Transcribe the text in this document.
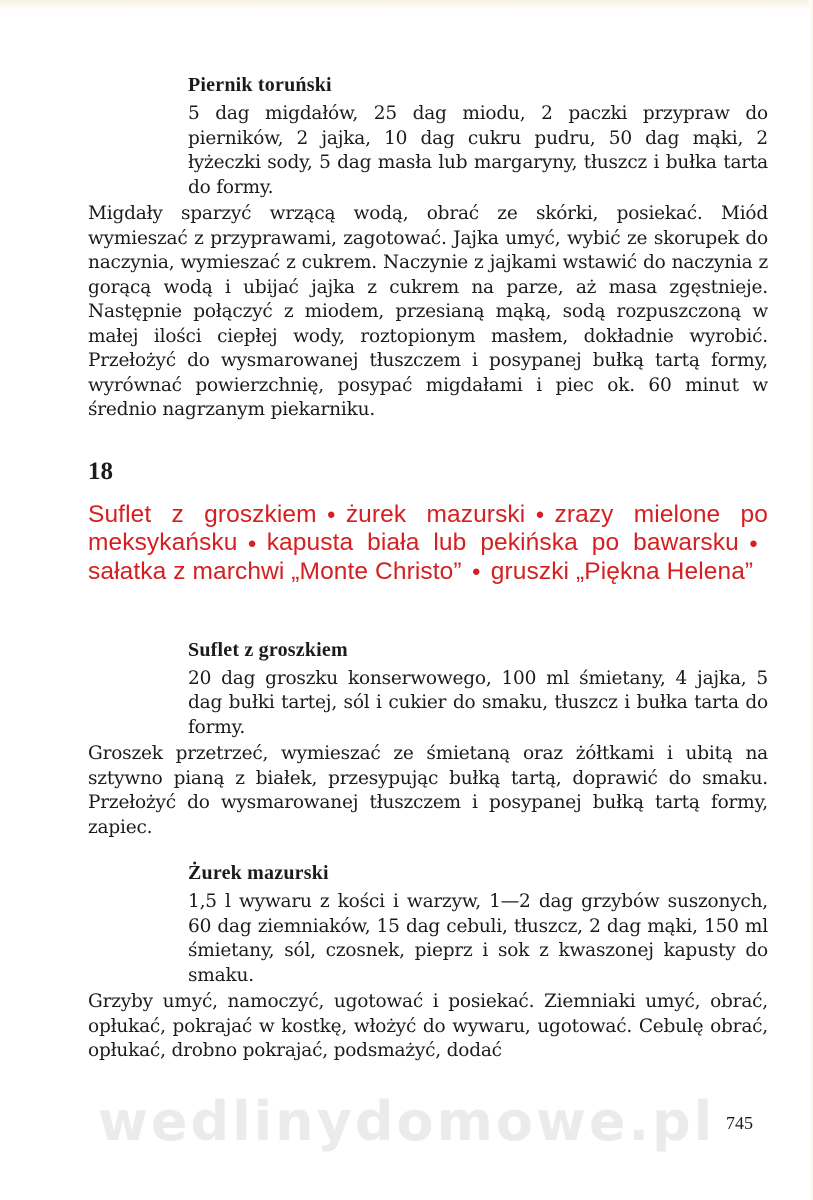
Piernik toruński
5 dag migdałów, 25 dag miodu, 2 paczki przypraw do pierników, 2 jajka, 10 dag cukru pudru, 50 dag mąki, 2 łyżeczki sody, 5 dag masła lub margaryny, tłuszcz i bułka tarta do formy.
Migdały sparzyć wrzącą wodą, obrać ze skórki, posiekać. Miód wymieszać z przyprawami, zagotować. Jajka umyć, wybić ze skorupek do naczynia, wymieszać z cukrem. Naczynie z jajkami wstawić do naczynia z gorącą wodą i ubijać jajka z cukrem na parze, aż masa zgęstnieje. Następnie połączyć z miodem, przesianą mąką, sodą rozpuszczoną w małej ilości ciepłej wody, roztopionym masłem, dokładnie wyrobić. Przełożyć do wysmarowanej tłuszczem i posypanej bułką tartą formy, wyrównać powierzchnię, posypać migdałami i piec ok. 60 minut w średnio nagrzanym piekarniku.
18
Suflet z groszkiem ● żurek mazurski ● zrazy mielone po meksykańsku ● kapusta biała lub pekińska po bawarsku ●sałatka z marchwi „Monte Christo” ● gruszki „Piękna Helena”
Suflet z groszkiem
20 dag groszku konserwowego, 100 ml śmietany, 4 jajka, 5 dag bułki tartej, sól i cukier do smaku, tłuszcz i bułka tarta do formy.
Groszek przetrzeć, wymieszać ze śmietaną oraz żółtkami i ubitą na sztywno pianą z białek, przesypując bułką tartą, doprawić do smaku. Przełożyć do wysmarowanej tłuszczem i posypanej bułką tartą formy, zapiec.
Żurek mazurski
1,5 l wywaru z kości i warzyw, 1—2 dag grzybów suszonych, 60 dag ziemniaków, 15 dag cebuli, tłuszcz, 2 dag mąki, 150 ml śmietany, sól, czosnek, pieprz i sok z kwaszonej kapusty do smaku.
Grzyby umyć, namoczyć, ugotować i posiekać. Ziemniaki umyć, obrać, opłukać, pokrajać w kostkę, włożyć do wywaru, ugotować. Cebulę obrać, opłukać, drobno pokrajać, podsmażyć, dodać
wedlinydomowe.pl 745
